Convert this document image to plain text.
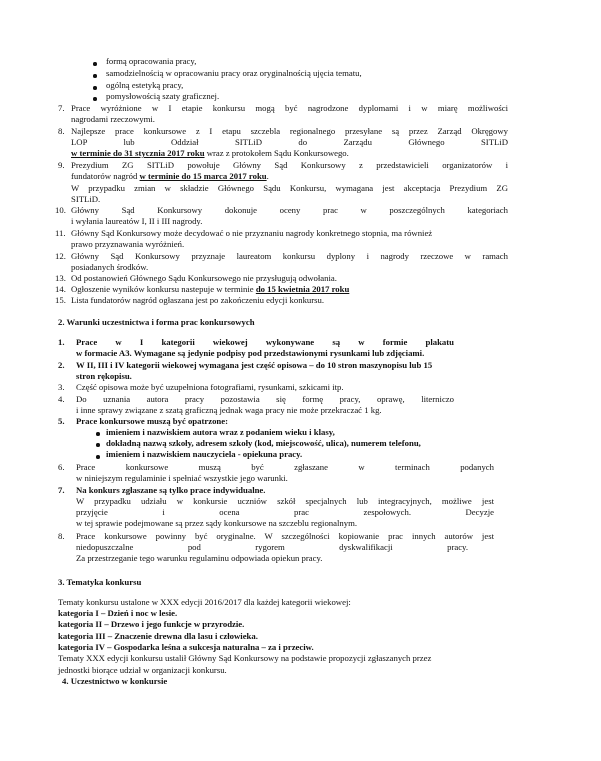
formą opracowania pracy,
samodzielnością w opracowaniu pracy oraz oryginalnością ujęcia tematu,
ogólną estetyką pracy,
pomysłowością szaty graficznej.
7. Prace wyróżnione w I etapie konkursu mogą być nagrodzone dyplomami i w miarę możliwości
nagrodami rzeczowymi.
8. Najlepsze prace konkursowe z I etapu szczebla regionalnego przesyłane są przez Zarząd Okręgowy
LOP lub Oddział SITLiD do Zarządu Głównego SITLiD
w terminie do 31 stycznia 2017 roku wraz z protokołem Sądu Konkursowego.
9. Prezydium ZG SITLiD powołuje Główny Sąd Konkursowy z przedstawicieli organizatorów i
fundatorów nagród w terminie do 15 marca 2017 roku.
W przypadku zmian w składzie Głównego Sądu Konkursu, wymagana jest akceptacja Prezydium ZG
SITLiD.
10. Główny Sąd Konkursowy dokonuje oceny prac w poszczególnych kategoriach
i wyłania laureatów I, II i III nagrody.
11. Główny Sąd Konkursowy może decydować o nie przyznaniu nagrody konkretnego stopnia, ma również
prawo przyznawania wyróżnień.
12. Główny Sąd Konkursowy przyznaje laureatom konkursu dyplony i nagrody rzeczowe w ramach
posiadanych środków.
13. Od postanowień Głównego Sądu Konkursowego nie przysługują odwołania.
14. Ogłoszenie wyników konkursu nastepuje w terminie do 15 kwietnia 2017 roku
15. Lista fundatorów nagród ogłaszana jest po zakończeniu edycji konkursu.
2. Warunki uczestnictwa i forma prac konkursowych
1. Prace w I kategorii wiekowej wykonywane są w formie plakatu
w formacie A3. Wymagane są jedynie podpisy pod przedstawionymi rysunkami lub zdjęciami.
2. W II, III i IV kategorii wiekowej wymagana jest część opisowa – do 10 stron maszynopisu lub 15
stron rękopisu.
3. Część opisowa może być uzupełniona fotografiami, rysunkami, szkicami itp.
4. Do uznania autora pracy pozostawia się formę pracy, oprawę, literniczo
i inne sprawy związane z szatą graficzną jednak waga pracy nie może przekraczać 1 kg.
5. Prace konkursowe muszą być opatrzone:
imieniem i nazwiskiem autora wraz z podaniem wieku i klasy,
dokładną nazwą szkoły, adresem szkoły (kod, miejscowość, ulica), numerem telefonu,
imieniem i nazwiskiem nauczyciela - opiekuna pracy.
6. Prace konkursowe muszą być zgłaszane w terminach podanych
w niniejszym regulaminie i spełniać wszystkie jego warunki.
7. Na konkurs zgłaszane są tylko prace indywidualne.
W przypadku udziału w konkursie uczniów szkół specjalnych lub integracyjnych, możliwe jest
przyjęcie i ocena prac zespołowych. Decyzje
w tej sprawie podejmowane są przez sądy konkursowe na szczeblu regionalnym.
8. Prace konkursowe powinny być oryginalne. W szczególności kopiowanie prac innych autorów jest
niedopuszczalne pod rygorem dyskwalifikacji pracy.
Za przestrzeganie tego warunku regulaminu odpowiada opiekun pracy.
3. Tematyka konkursu
Tematy konkursu ustalone w XXX edycji 2016/2017 dla każdej kategorii wiekowej:
kategoria I – Dzień i noc w lesie.
kategoria II – Drzewo i jego funkcje w przyrodzie.
kategoria III – Znaczenie drewna dla lasu i człowieka.
kategoria IV – Gospodarka leśna a sukcesja naturalna – za i przeciw.
Tematy XXX edycji konkursu ustalił Główny Sąd Konkursowy na podstawie propozycji zgłaszanych przez
jednostki biorące udział w organizacji konkursu.
4. Uczestnictwo w konkursie
